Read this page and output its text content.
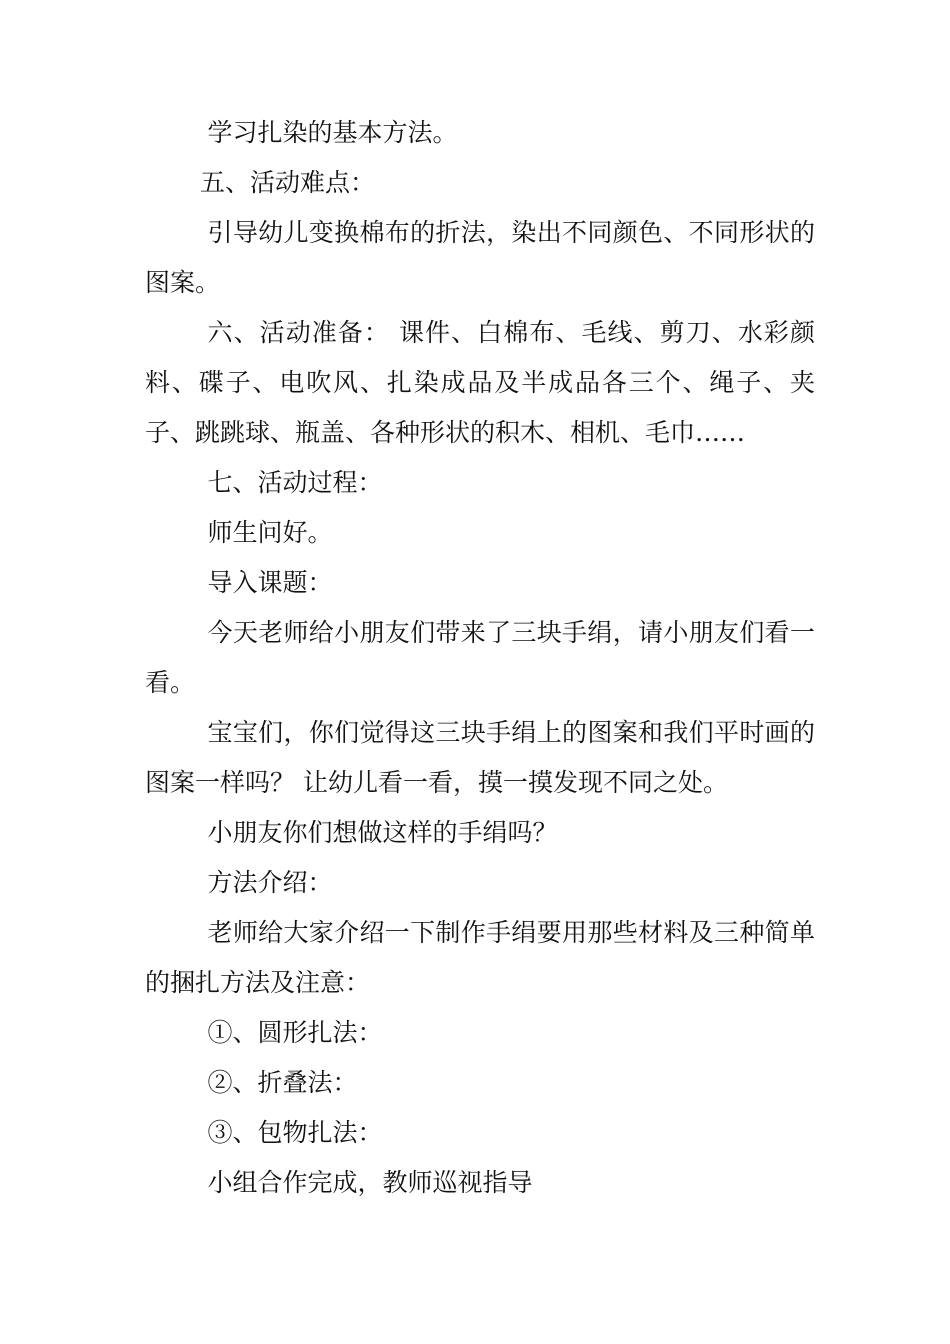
学习扎染的基本方法。

五、活动难点：

引导幼儿变换棉布的折法，染出不同颜色、不同形状的图案。

六、活动准备： 课件、白棉布、毛线、剪刀、水彩颜料、碟子、电吹风、扎染成品及半成品各三个、绳子、夹子、跳跳球、瓶盖、各种形状的积木、相机、毛巾……

七、活动过程：

师生问好。

导入课题：

今天老师给小朋友们带来了三块手绢，请小朋友们看一看。

宝宝们，你们觉得这三块手绢上的图案和我们平时画的图案一样吗？ 让幼儿看一看，摸一摸发现不同之处。

小朋友你们想做这样的手绢吗？

方法介绍：

老师给大家介绍一下制作手绢要用那些材料及三种简单的捆扎方法及注意：

①、圆形扎法：

②、折叠法：

③、包物扎法：

小组合作完成，教师巡视指导
